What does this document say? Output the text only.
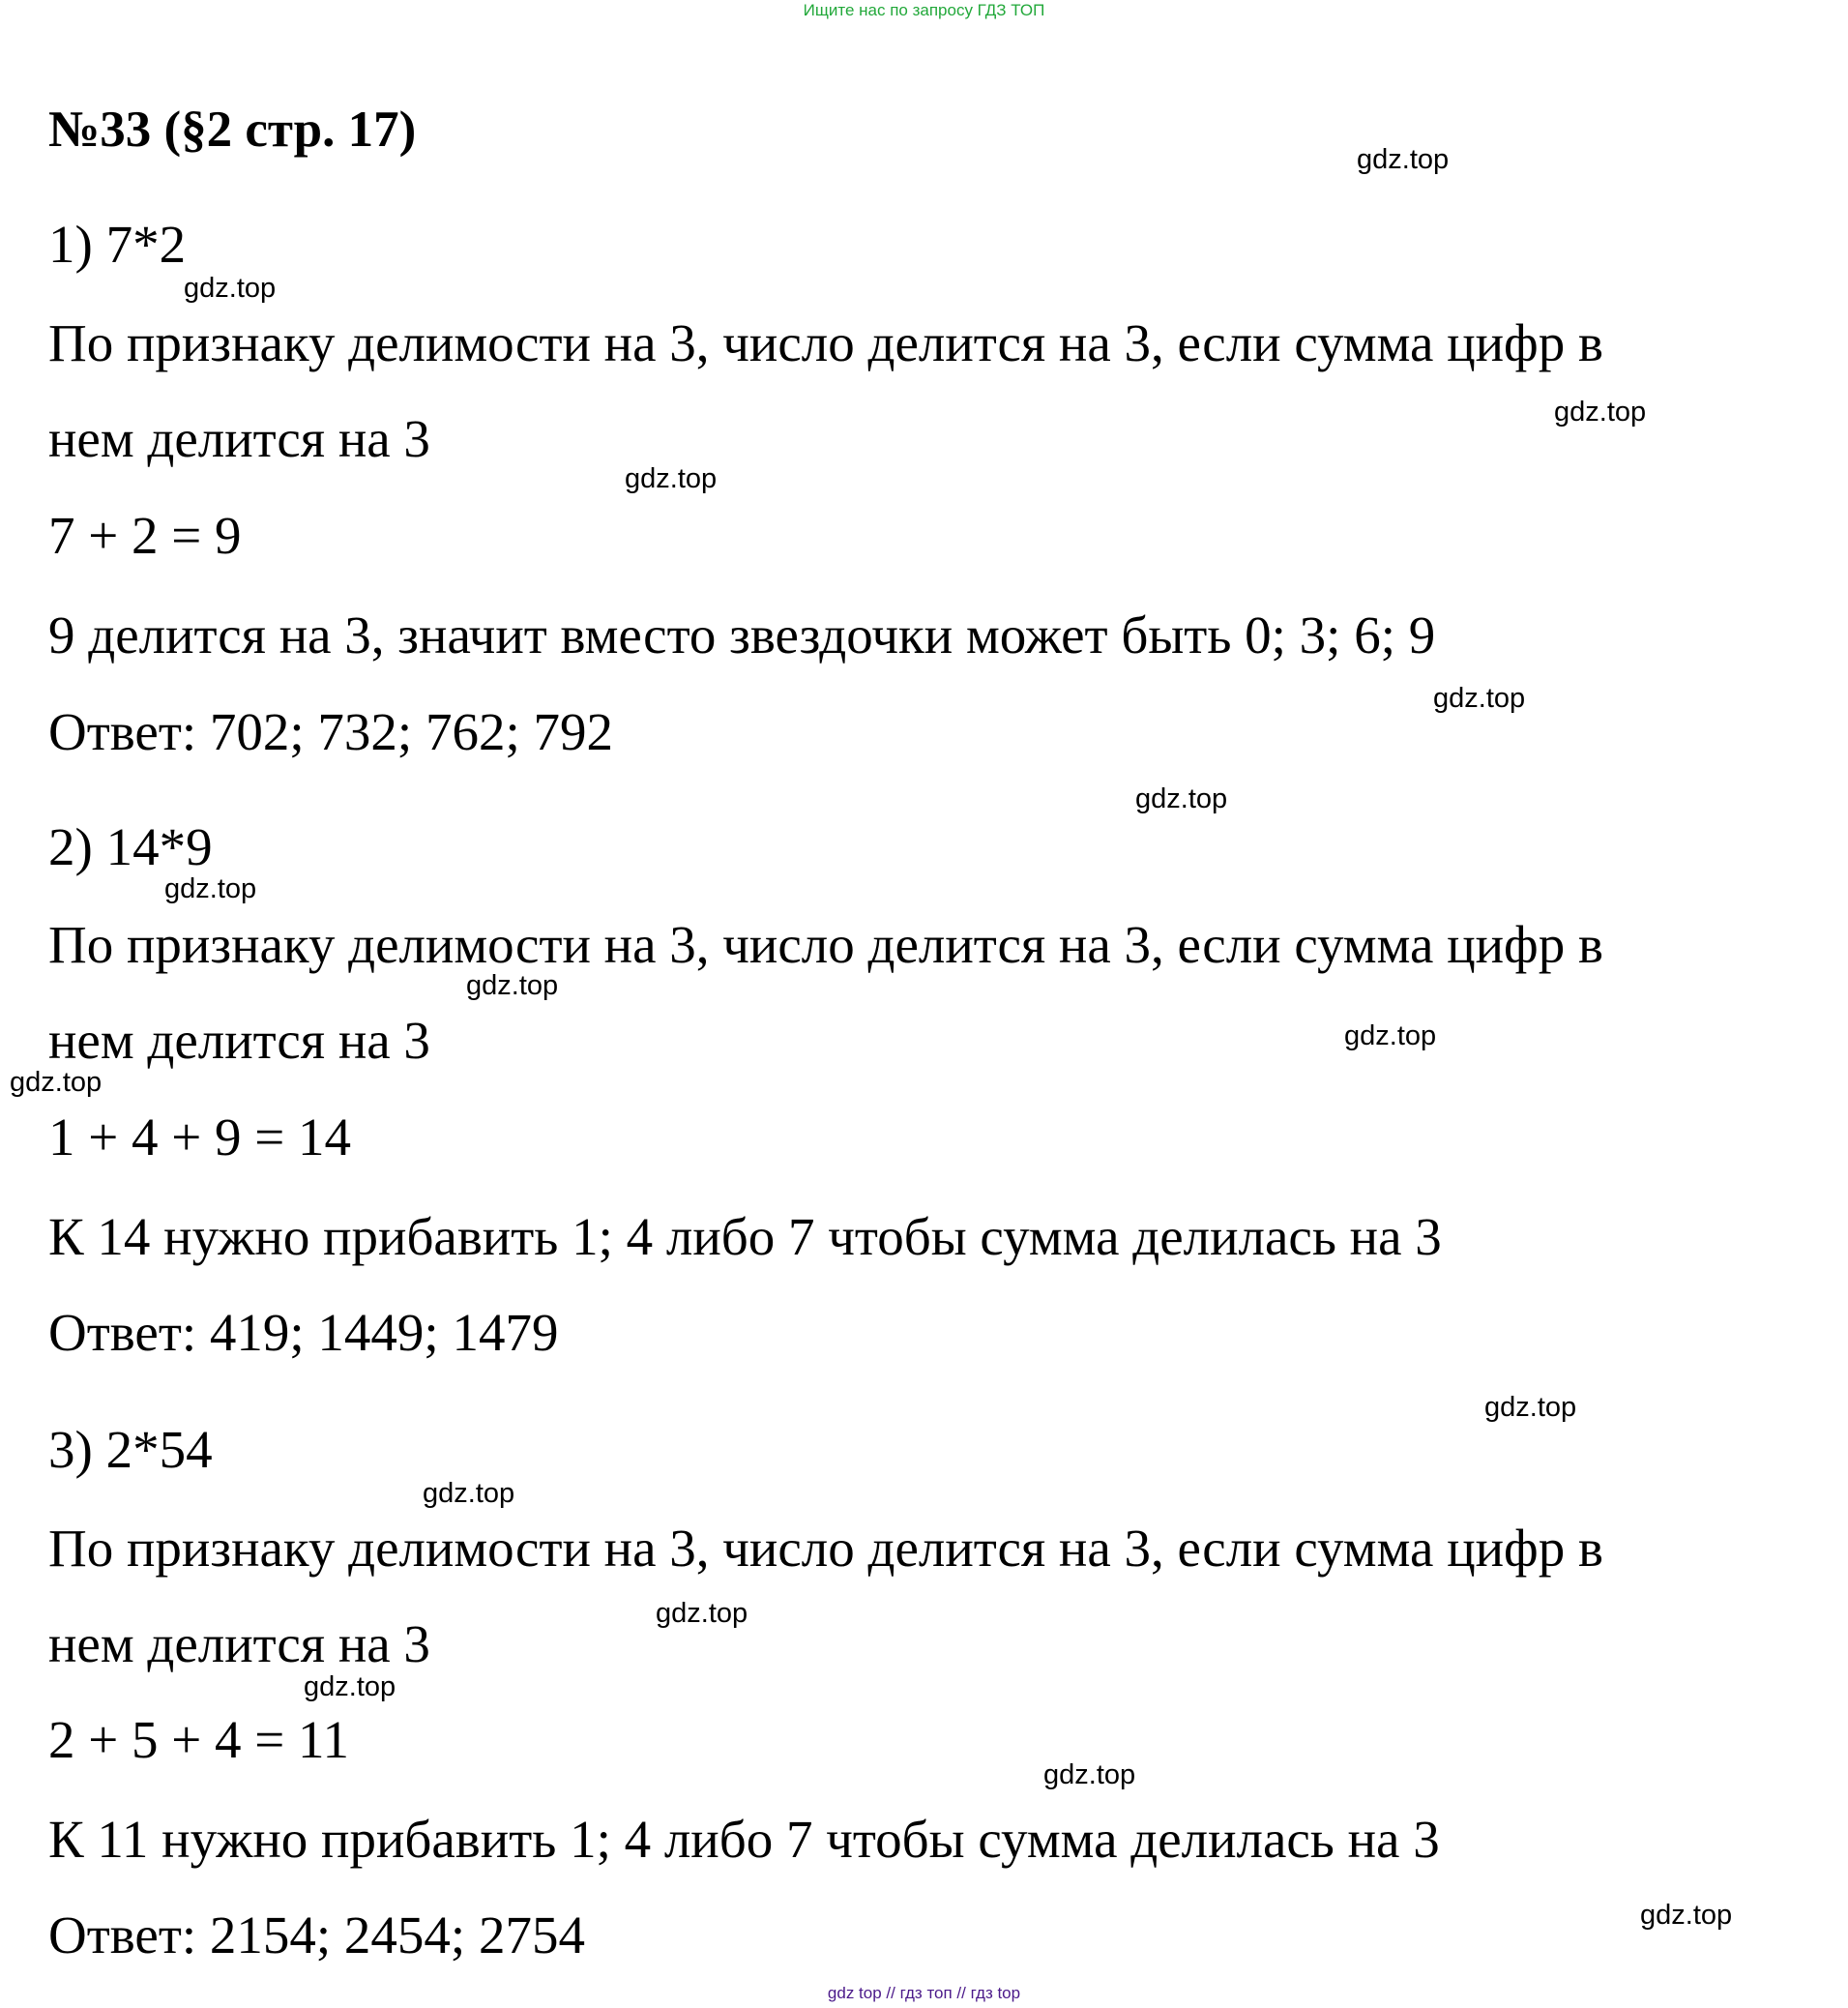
Ищите нас по запросу ГДЗ ТОП
№33 (§2 стр. 17)
1) 7*2
По признаку делимости на 3, число делится на 3, если сумма цифр в
нем делится на 3
7 + 2 = 9
9 делится на 3, значит вместо звездочки может быть 0; 3; 6; 9
Ответ: 702; 732; 762; 792
2) 14*9
По признаку делимости на 3, число делится на 3, если сумма цифр в
нем делится на 3
1 + 4 + 9 = 14
К 14 нужно прибавить 1; 4 либо 7 чтобы сумма делилась на 3
Ответ: 419; 1449; 1479
3) 2*54
По признаку делимости на 3, число делится на 3, если сумма цифр в
нем делится на 3
2 + 5 + 4 = 11
К 11 нужно прибавить 1; 4 либо 7 чтобы сумма делилась на 3
Ответ: 2154; 2454; 2754
gdz.top
gdz.top
gdz.top
gdz.top
gdz.top
gdz.top
gdz.top
gdz.top
gdz.top
gdz.top
gdz.top
gdz.top
gdz.top
gdz.top
gdz.top
gdz.top
gdz top // гдз топ // гдз top
